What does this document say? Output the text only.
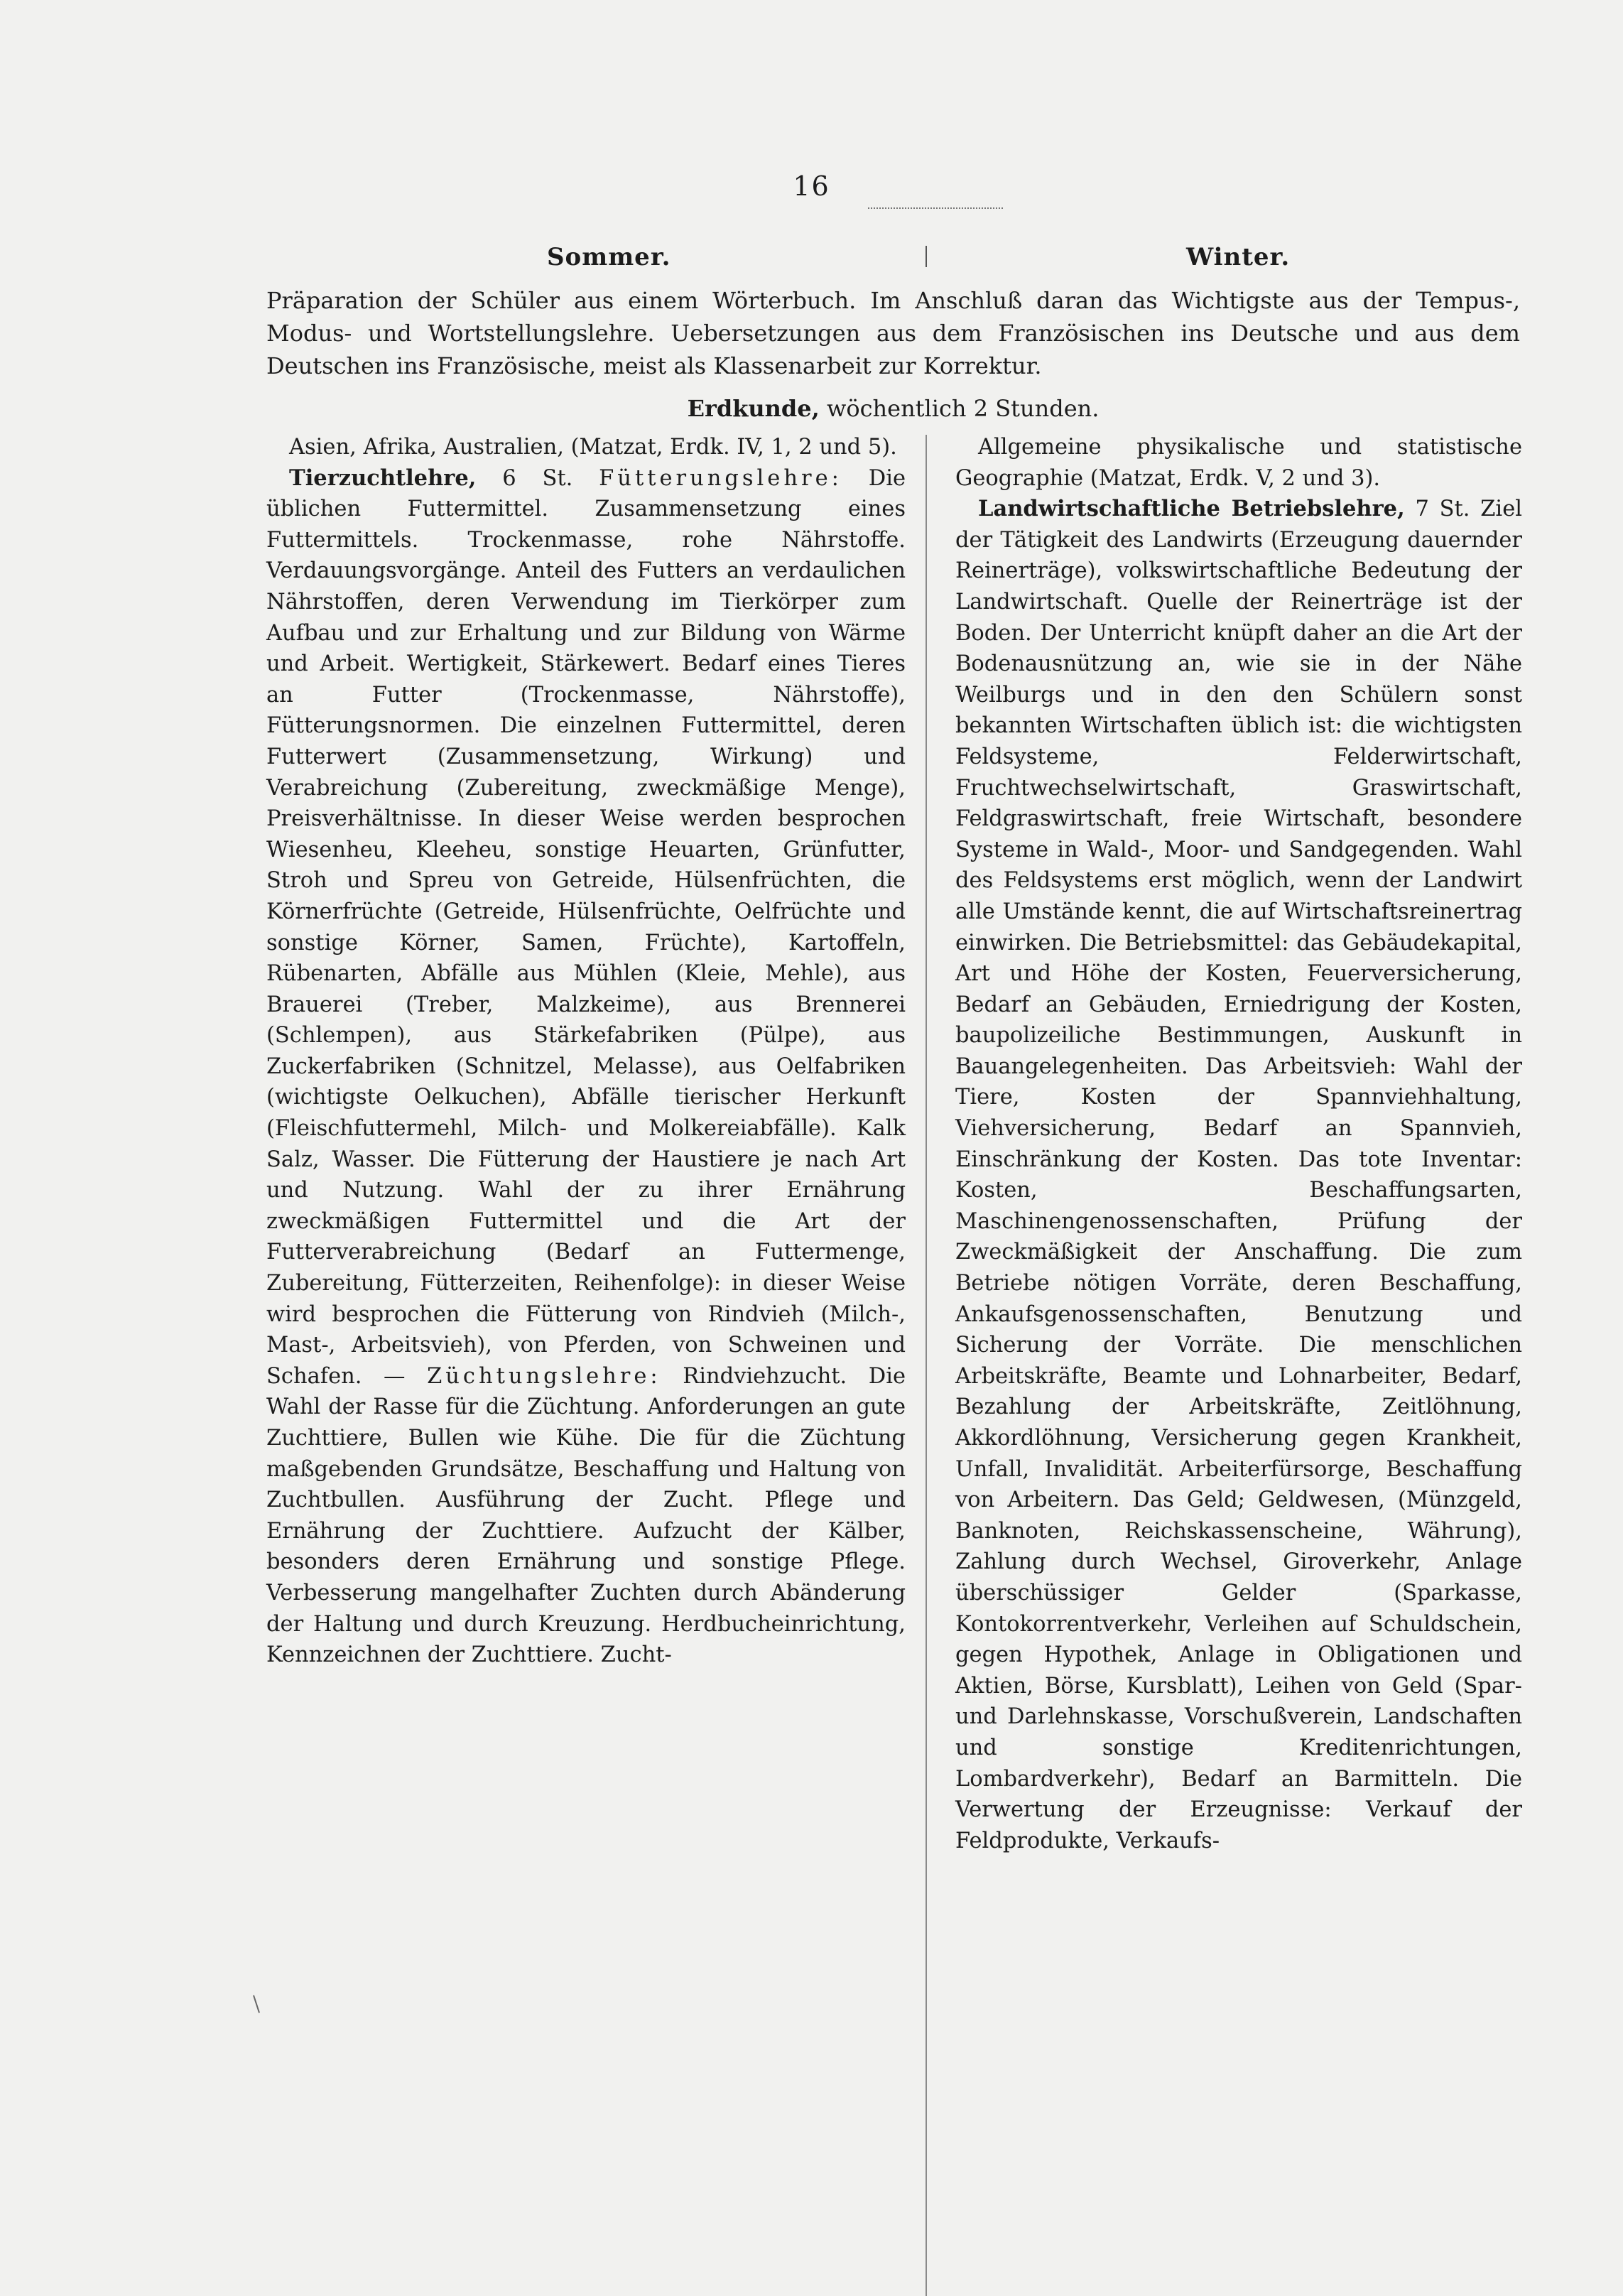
16
Sommer.	Winter.
Präparation der Schüler aus einem Wörterbuch. Im Anschluß daran das Wichtigste aus der Tempus-, Modus- und Wortstellungslehre. Uebersetzungen aus dem Französischen ins Deutsche und aus dem Deutschen ins Französische, meist als Klassenarbeit zur Korrektur.
Erdkunde, wöchentlich 2 Stunden.

Asien, Afrika, Australien, (Matzat, Erdk. IV, 1, 2 und 5).

Tierzuchtlehre, 6 St. Fütterungslehre: Die üblichen Futtermittel. Zusammensetzung eines Futtermittels. Trockenmasse, rohe Nährstoffe. Verdauungsvorgänge. Anteil des Futters an verdaulichen Nährstoffen, deren Verwendung im Tierkörper zum Aufbau und zur Erhaltung und zur Bildung von Wärme und Arbeit. Wertigkeit, Stärkewert. Bedarf eines Tieres an Futter (Trockenmasse, Nährstoffe), Fütterungsnormen. Die einzelnen Futtermittel, deren Futterwert (Zusammensetzung, Wirkung) und Verabreichung (Zubereitung, zweckmäßige Menge), Preisverhältnisse. In dieser Weise werden besprochen Wiesenheu, Kleeheu, sonstige Heuarten, Grünfutter, Stroh und Spreu von Getreide, Hülsenfrüchten, die Körnerfrüchte (Getreide, Hülsenfrüchte, Oelfrüchte und sonstige Körner, Samen, Früchte), Kartoffeln, Rübenarten, Abfälle aus Mühlen (Kleie, Mehle), aus Brauerei (Treber, Malzkeime), aus Brennerei (Schlempen), aus Stärkefabriken (Pülpe), aus Zuckerfabriken (Schnitzel, Melasse), aus Oelfabriken (wichtigste Oelkuchen), Abfälle tierischer Herkunft (Fleischfuttermehl, Milch- und Molkereiabfälle). Kalk Salz, Wasser. Die Fütterung der Haustiere je nach Art und Nutzung. Wahl der zu ihrer Ernährung zweckmäßigen Futtermittel und die Art der Futterverabreichung (Bedarf an Futtermenge, Zubereitung, Fütterzeiten, Reihenfolge): in dieser Weise wird besprochen die Fütterung von Rindvieh (Milch-, Mast-, Arbeitsvieh), von Pferden, von Schweinen und Schafen. — Züchtungslehre: Rindviehzucht. Die Wahl der Rasse für die Züchtung. Anforderungen an gute Zuchttiere, Bullen wie Kühe. Die für die Züchtung maßgebenden Grundsätze, Beschaffung und Haltung von Zuchtbullen. Ausführung der Zucht. Pflege und Ernährung der Zuchttiere. Aufzucht der Kälber, besonders deren Ernährung und sonstige Pflege. Verbesserung mangelhafter Zuchten durch Abänderung der Haltung und durch Kreuzung. Herdbucheinrichtung, Kennzeichnen der Zuchttiere. Zucht-

Allgemeine physikalische und statistische Geographie (Matzat, Erdk. V, 2 und 3).

Landwirtschaftliche Betriebslehre, 7 St. Ziel der Tätigkeit des Landwirts (Erzeugung dauernder Reinerträge), volkswirtschaftliche Bedeutung der Landwirtschaft. Quelle der Reinerträge ist der Boden. Der Unterricht knüpft daher an die Art der Bodenausnützung an, wie sie in der Nähe Weilburgs und in den den Schülern sonst bekannten Wirtschaften üblich ist: die wichtigsten Feldsysteme, Felderwirtschaft, Fruchtwechselwirtschaft, Graswirtschaft, Feldgraswirtschaft, freie Wirtschaft, besondere Systeme in Wald-, Moor- und Sandgegenden. Wahl des Feldsystems erst möglich, wenn der Landwirt alle Umstände kennt, die auf Wirtschaftsreinertrag einwirken. Die Betriebsmittel: das Gebäudekapital, Art und Höhe der Kosten, Feuerversicherung, Bedarf an Gebäuden, Erniedrigung der Kosten, baupolizeiliche Bestimmungen, Auskunft in Bauangelegenheiten. Das Arbeitsvieh: Wahl der Tiere, Kosten der Spannviehhaltung, Viehversicherung, Bedarf an Spannvieh, Einschränkung der Kosten. Das tote Inventar: Kosten, Beschaffungsarten, Maschinengenossenschaften, Prüfung der Zweckmäßigkeit der Anschaffung. Die zum Betriebe nötigen Vorräte, deren Beschaffung, Ankaufsgenossenschaften, Benutzung und Sicherung der Vorräte. Die menschlichen Arbeitskräfte, Beamte und Lohnarbeiter, Bedarf, Bezahlung der Arbeitskräfte, Zeitlöhnung, Akkordlöhnung, Versicherung gegen Krankheit, Unfall, Invalidität. Arbeiterfürsorge, Beschaffung von Arbeitern. Das Geld; Geldwesen, (Münzgeld, Banknoten, Reichskassenscheine, Währung), Zahlung durch Wechsel, Giroverkehr, Anlage überschüssiger Gelder (Sparkasse, Kontokorrentverkehr, Verleihen auf Schuldschein, gegen Hypothek, Anlage in Obligationen und Aktien, Börse, Kursblatt), Leihen von Geld (Spar- und Darlehnskasse, Vorschußverein, Landschaften und sonstige Kreditenrichtungen, Lombardverkehr), Bedarf an Barmitteln. Die Verwertung der Erzeugnisse: Verkauf der Feldprodukte, Verkaufs-
